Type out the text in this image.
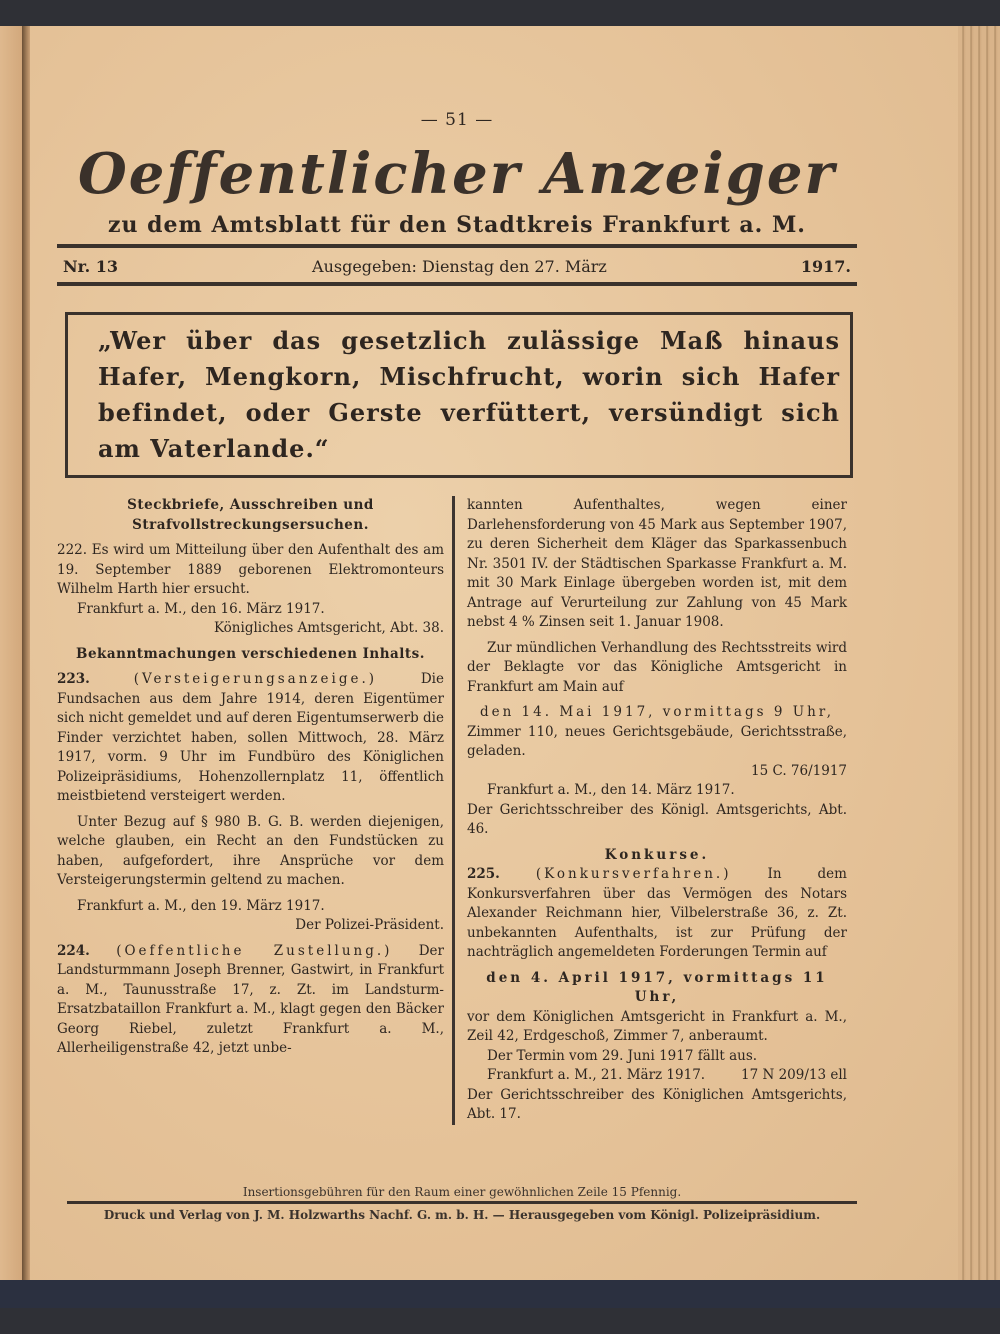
— 51 —
Oeffentlicher Anzeiger
zu dem Amtsblatt für den Stadtkreis Frankfurt a. M.
Nr. 13	Ausgegeben: Dienstag den 27. März	1917.
„Wer über das gesetzlich zulässige Maß hinaus Hafer, Mengkorn, Mischfrucht, worin sich Hafer befindet, oder Gerste verfüttert, versündigt sich am Vaterlande.“

Steckbriefe, Ausschreiben und Strafvollstreckungsersuchen.

222. Es wird um Mitteilung über den Aufenthalt des am 19. September 1889 geborenen Elektromonteurs Wilhelm Harth hier ersucht.

Frankfurt a. M., den 16. März 1917.

Königliches Amtsgericht, Abt. 38.

Bekanntmachungen verschiedenen Inhalts.

223.	(Versteigerungsanzeige.)	Die Fundsachen aus dem Jahre 1914, deren Eigentümer sich nicht gemeldet und auf deren Eigentumserwerb die Finder verzichtet haben, sollen Mittwoch, 28. März 1917, vorm. 9 Uhr im Fundbüro des Königlichen Polizeipräsidiums, Hohenzollernplatz 11, öffentlich meistbietend versteigert werden.

Unter Bezug auf § 980 B. G. B. werden diejenigen, welche glauben, ein Recht an den Fundstücken zu haben, aufgefordert, ihre Ansprüche vor dem Versteigerungstermin geltend zu machen.

Frankfurt a. M., den 19. März 1917.

Der Polizei-Präsident.

224. (Oeffentliche Zustellung.) Der Landsturmmann Joseph Brenner, Gastwirt, in Frankfurt a. M., Taunusstraße 17, z. Zt. im Landsturm-Ersatzbataillon Frankfurt a. M., klagt gegen den Bäcker Georg Riebel, zuletzt Frankfurt a. M., Allerheiligenstraße 42, jetzt unbe-

kannten Aufenthaltes, wegen einer Darlehensforderung von 45 Mark aus September 1907, zu deren Sicherheit dem Kläger das Sparkassenbuch Nr. 3501 IV. der Städtischen Sparkasse Frankfurt a. M. mit 30 Mark Einlage übergeben worden ist, mit dem Antrage auf Verurteilung zur Zahlung von 45 Mark nebst 4 % Zinsen seit 1. Januar 1908.

Zur mündlichen Verhandlung des Rechtsstreits wird der Beklagte vor das Königliche Amtsgericht in Frankfurt am Main auf

den 14. Mai 1917, vormittags 9 Uhr,

Zimmer 110, neues Gerichtsgebäude, Gerichtsstraße, geladen.

15 C. 76/1917

Frankfurt a. M., den 14. März 1917.

Der Gerichtsschreiber des Königl. Amtsgerichts, Abt. 46.

Konkurse.

225.	(Konkursverfahren.)	In dem Konkursverfahren über das Vermögen des Notars Alexander Reichmann hier, Vilbelerstraße 36, z. Zt. unbekannten Aufenthalts, ist zur Prüfung der nachträglich angemeldeten Forderungen Termin auf

den 4. April 1917, vormittags 11 Uhr,

vor dem Königlichen Amtsgericht in Frankfurt a. M., Zeil 42, Erdgeschoß, Zimmer 7, anberaumt.

Der Termin vom 29. Juni 1917 fällt aus.

Frankfurt a. M., 21. März 1917.	17 N 209/13 ell

Der Gerichtsschreiber des Königlichen Amtsgerichts, Abt. 17.

Insertionsgebühren für den Raum einer gewöhnlichen Zeile 15 Pfennig.
Druck und Verlag von J. M. Holzwarths Nachf. G. m. b. H. — Herausgegeben vom Königl. Polizeipräsidium.
